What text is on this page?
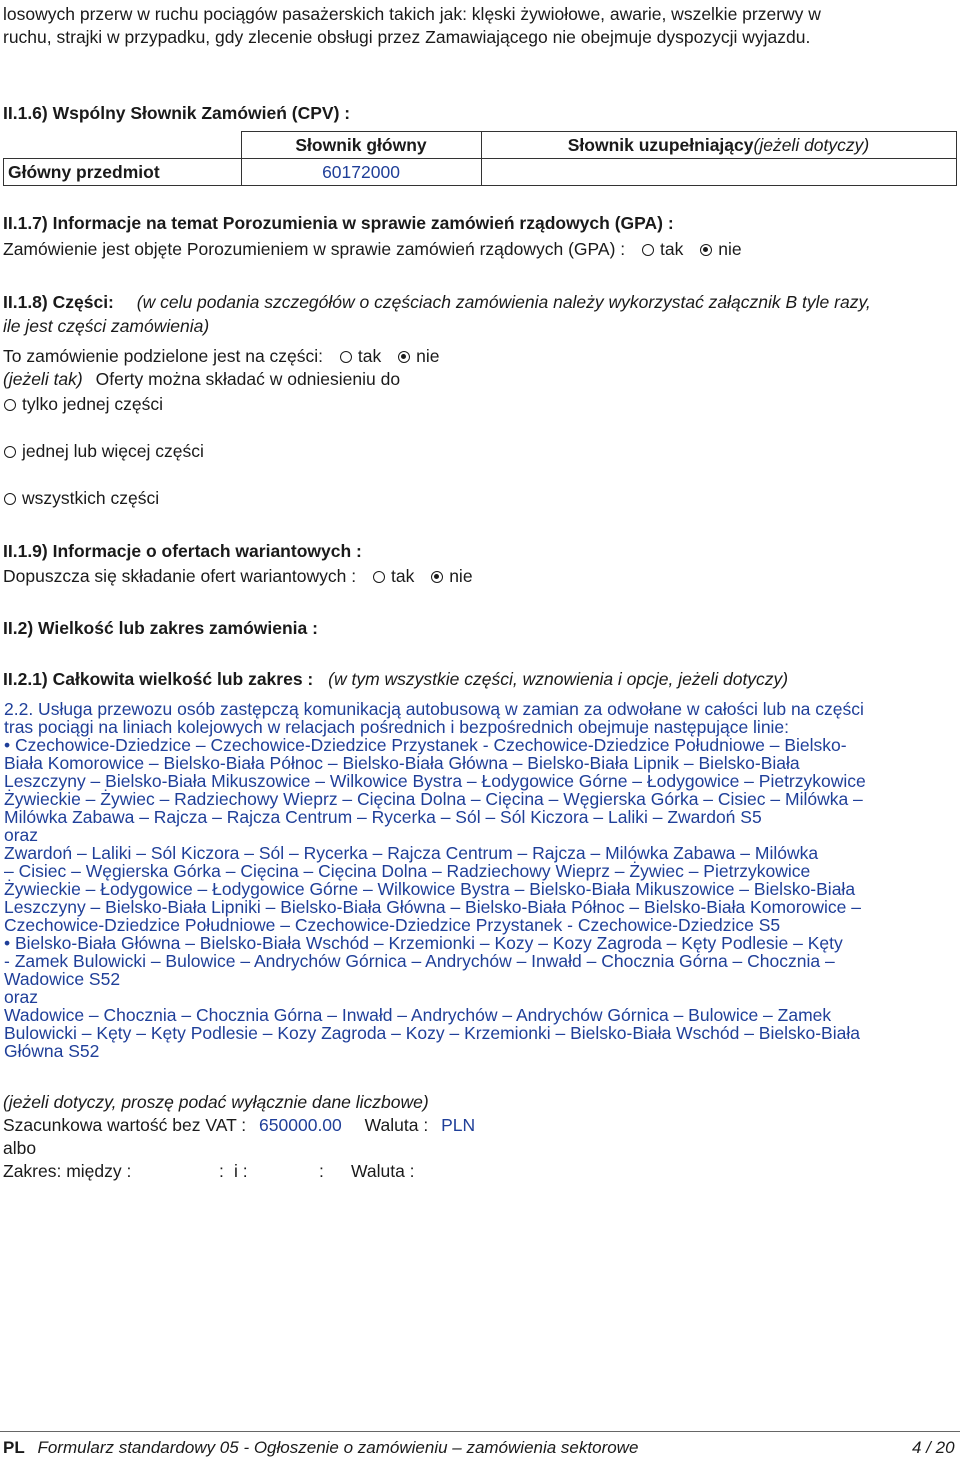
losowych przerw w ruchu pociągów pasażerskich takich jak: klęski żywiołowe, awarie, wszelkie przerwy w
ruchu, strajki w przypadku, gdy zlecenie obsługi przez Zamawiającego nie obejmuje dyspozycji wyjazdu.
II.1.6) Wspólny Słownik Zamówień (CPV) :
	Słownik główny	Słownik uzupełniający(jeżeli dotyczy)
Główny przedmiot	60172000	
II.1.7) Informacje na temat Porozumienia w sprawie zamówień rządowych (GPA) :
Zamówienie jest objęte Porozumieniem w sprawie zamówień rządowych (GPA) : tak nie
II.1.8) Części: (w celu podania szczegółów o częściach zamówienia należy wykorzystać załącznik B tyle razy,
ile jest części zamówienia)
To zamówienie podzielone jest na części: tak nie
(jeżeli tak) Oferty można składać w odniesieniu do
tylko jednej części
jednej lub więcej części
wszystkich części
II.1.9) Informacje o ofertach wariantowych :
Dopuszcza się składanie ofert wariantowych : tak nie
II.2) Wielkość lub zakres zamówienia :
II.2.1) Całkowita wielkość lub zakres : (w tym wszystkie części, wznowienia i opcje, jeżeli dotyczy)
2.2. Usługa przewozu osób zastępczą komunikacją autobusową w zamian za odwołane w całości lub na części
tras pociągi na liniach kolejowych w relacjach pośrednich i bezpośrednich obejmuje następujące linie:
• Czechowice-Dziedzice – Czechowice-Dziedzice Przystanek - Czechowice-Dziedzice Południowe – Bielsko-
Biała Komorowice – Bielsko-Biała Północ – Bielsko-Biała Główna – Bielsko-Biała Lipnik – Bielsko-Biała
Leszczyny – Bielsko-Biała Mikuszowice – Wilkowice Bystra – Łodygowice Górne – Łodygowice – Pietrzykowice
Żywieckie – Żywiec – Radziechowy Wieprz – Cięcina Dolna – Cięcina – Węgierska Górka – Cisiec – Milówka –
Milówka Zabawa – Rajcza – Rajcza Centrum – Rycerka – Sól – Sól Kiczora – Laliki – Zwardoń S5
oraz
Zwardoń – Laliki – Sól Kiczora – Sól – Rycerka – Rajcza Centrum – Rajcza – Milówka Zabawa – Milówka
– Cisiec – Węgierska Górka – Cięcina – Cięcina Dolna – Radziechowy Wieprz – Żywiec – Pietrzykowice
Żywieckie – Łodygowice – Łodygowice Górne – Wilkowice Bystra – Bielsko-Biała Mikuszowice – Bielsko-Biała
Leszczyny – Bielsko-Biała Lipniki – Bielsko-Biała Główna – Bielsko-Biała Północ – Bielsko-Biała Komorowice –
Czechowice-Dziedzice Południowe – Czechowice-Dziedzice Przystanek - Czechowice-Dziedzice S5
• Bielsko-Biała Główna – Bielsko-Biała Wschód – Krzemionki – Kozy – Kozy Zagroda – Kęty Podlesie – Kęty
- Zamek Bulowicki – Bulowice – Andrychów Górnica – Andrychów – Inwałd – Chocznia Górna – Chocznia –
Wadowice S52
oraz
Wadowice – Chocznia – Chocznia Górna – Inwałd – Andrychów – Andrychów Górnica – Bulowice – Zamek
Bulowicki – Kęty – Kęty Podlesie – Kozy Zagroda – Kozy – Krzemionki – Bielsko-Biała Wschód – Bielsko-Biała
Główna S52
(jeżeli dotyczy, proszę podać wyłącznie dane liczbowe)
Szacunkowa wartość bez VAT : 650000.00 Waluta : PLN
albo
Zakres: między :	: i :	: Waluta :
PL Formularz standardowy 05 - Ogłoszenie o zamówieniu – zamówienia sektorowe	4 / 20
